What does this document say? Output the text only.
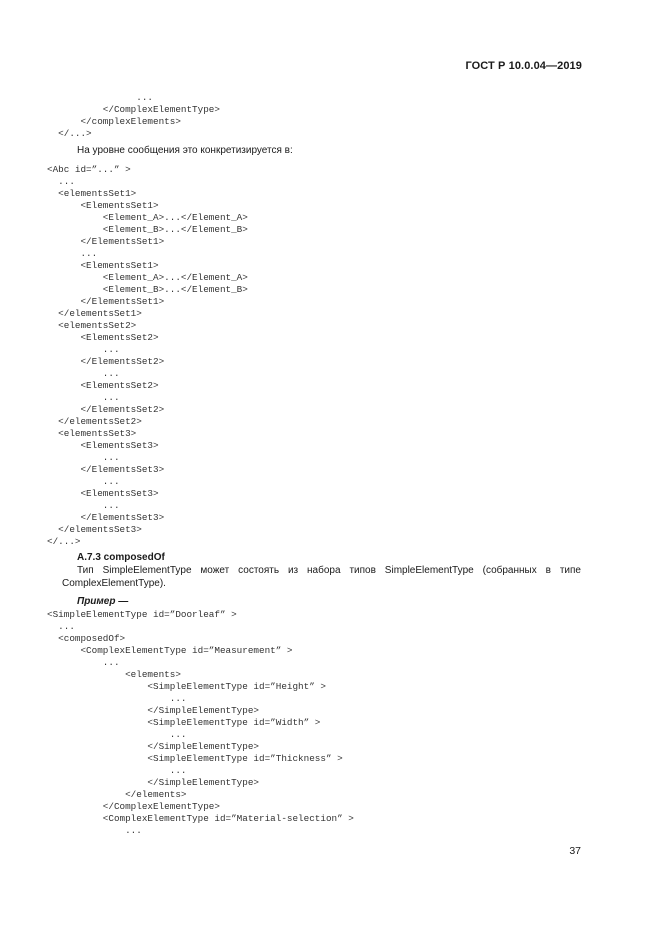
ГОСТ Р 10.0.04—2019
...
</ComplexElementType>
</complexElements>
</...>
На уровне сообщения это конкретизируется в:
<Abc id=”...” >
...
<elementsSet1>
<ElementsSet1>
<Element_A>...</Element_A>
<Element_B>...</Element_B>
</ElementsSet1>
...
<ElementsSet1>
<Element_A>...</Element_A>
<Element_B>...</Element_B>
</ElementsSet1>
</elementsSet1>
<elementsSet2>
<ElementsSet2>
...
</ElementsSet2>
...
<ElementsSet2>
...
</ElementsSet2>
</elementsSet2>
<elementsSet3>
<ElementsSet3>
...
</ElementsSet3>
...
<ElementsSet3>
...
</ElementsSet3>
</elementsSet3>
</...>
A.7.3 composedOf
Тип SimpleElementType может состоять из набора типов SimpleElementType (собранных в типе ComplexElementType).
Пример —
<SimpleElementType id=”Doorleaf” >
...
<composedOf>
<ComplexElementType id=”Measurement” >
...
<elements>
<SimpleElementType id=”Height” >
...
</SimpleElementType>
<SimpleElementType id=”Width” >
...
</SimpleElementType>
<SimpleElementType id=”Thickness” >
...
</SimpleElementType>
</elements>
</ComplexElementType>
<ComplexElementType id=”Material-selection” >
...
37
